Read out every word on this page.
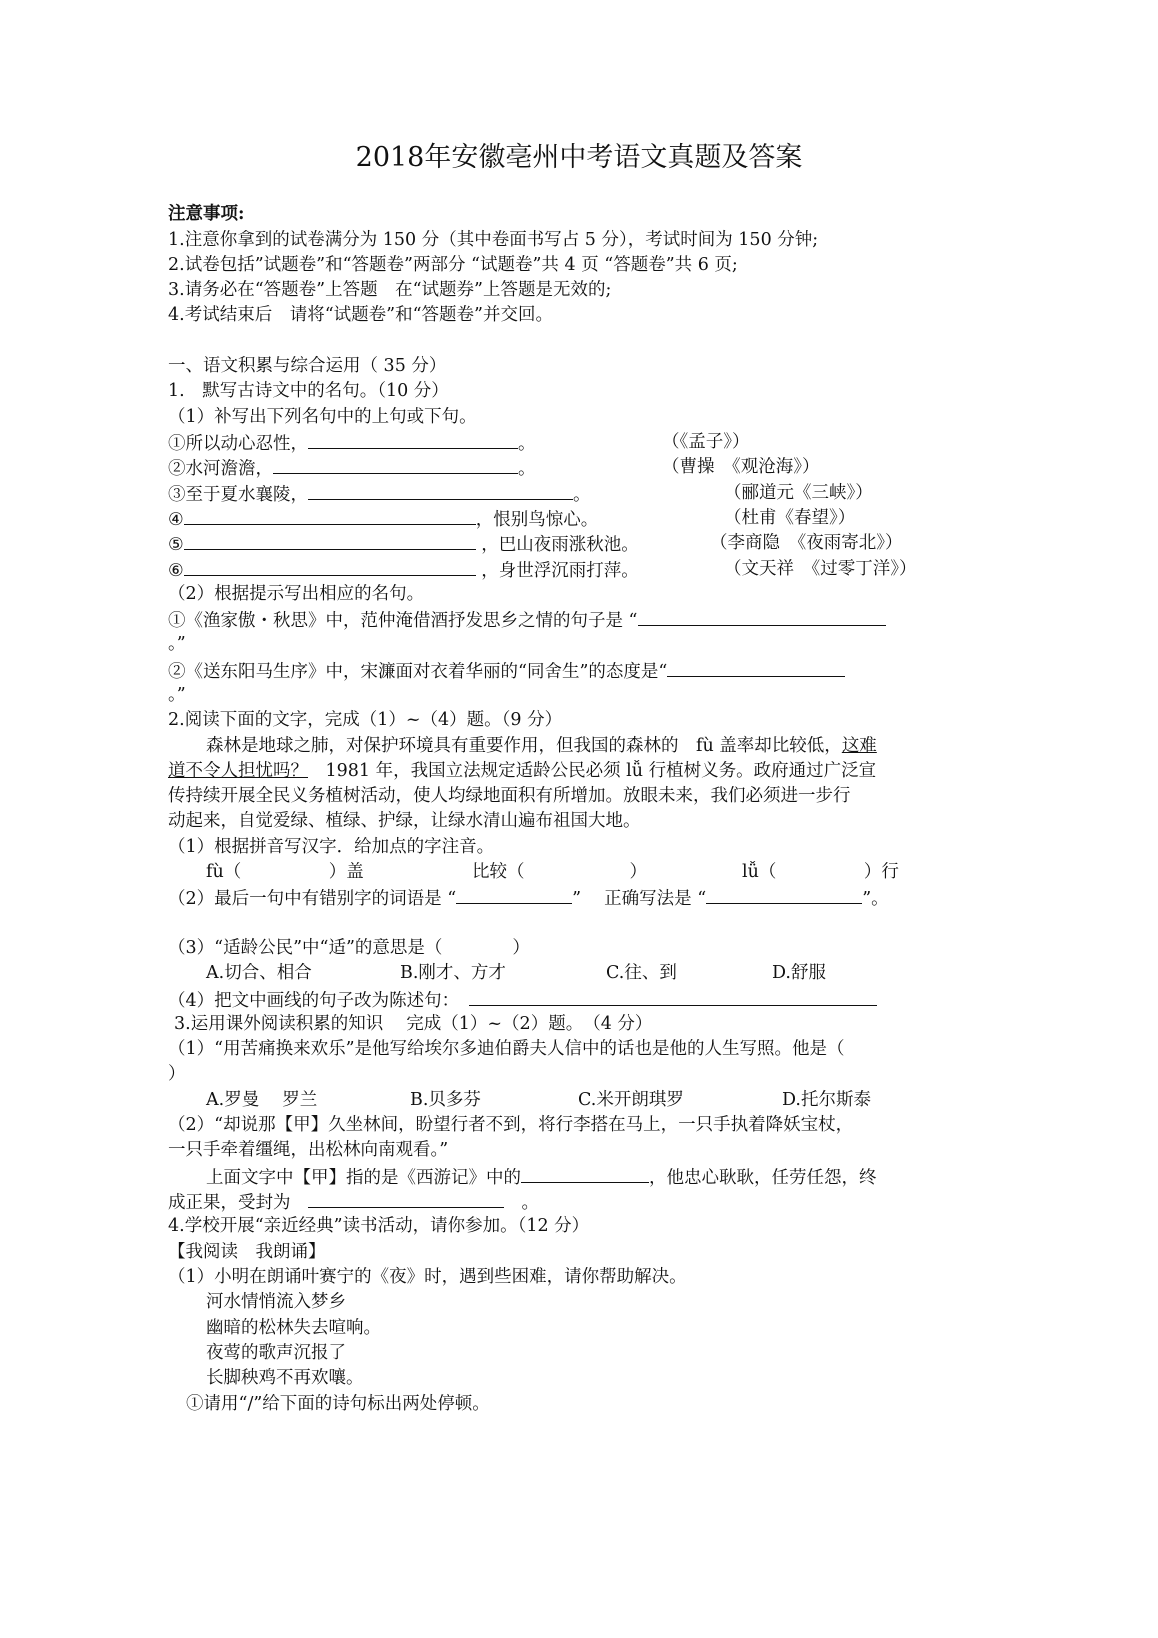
2018年安徽亳州中考语文真题及答案
注意事项:
1.注意你拿到的试卷满分为 150 分（其中卷面书写占 5 分），考试时间为 150 分钟;
2.试卷包括”试题卷”和“答题卷”两部分 “试题卷”共 4 页 “答题卷”共 6 页;
3.请务必在“答题卷”上答题　在“试题券”上答题是无效的;
4.考试结束后　请将“试题卷”和“答题卷”并交回。
一、语文积累与综合运用（ 35 分）
1.　默写古诗文中的名句。（10 分）
（1）补写出下列名句中的上句或下句。
①所以动心忍性，	。	（《孟子》）
②水河澹澹，	。	（曹操　《观沧海》）
③至于夏水襄陵，	。	（郦道元《三峡》）
④	，恨别鸟惊心。	（杜甫《春望》）
⑤	，巴山夜雨涨秋池。	（李商隐　《夜雨寄北》）
⑥	，身世浮沉雨打萍。	（文天祥　《过零丁洋》）
（2）根据提示写出相应的名句。
①《渔家傲・秋思》中，范仲淹借酒抒发思乡之情的句子是 “
。”
②《送东阳马生序》中，宋濂面对衣着华丽的“同舍生”的态度是“
。”
2.阅读下面的文字，完成（1）~（4）题。（9 分）
森林是地球之肺，对保护环境具有重要作用，但我国的森林的　fù 盖率却比较低，这难
道不令人担忧吗？　1981 年，我国立法规定适龄公民必须 lǚ 行植树义务。政府通过广泛宣
传持续开展全民义务植树活动，使人均绿地面积有所增加。放眼未来，我们必须进一步行
动起来，自觉爱绿、植绿、护绿，让绿水清山遍布祖国大地。
（1）根据拼音写汉字．给加点的字注音。
fù（　　　　　）盖	比较（　　　　　　）	lǚ（　　　　　）行
（2）最后一句中有错别字的词语是 “	” 　正确写法是 “	”。
（3）“适龄公民”中“适”的意思是（　　　　）
A.切合、相合	B.刚才、方才	C.往、到	D.舒服
（4）把文中画线的句子改为陈述句：
3.运用课外阅读积累的知识　 完成（1）~（2）题。　（4 分）
（1）“用苦痛换来欢乐”是他写给埃尔多迪伯爵夫人信中的话也是他的人生写照。他是（
）
A.罗曼　 罗兰	B.贝多芬	C.米开朗琪罗	D.托尔斯泰
（2）“却说那【甲】久坐林间，盼望行者不到，将行李搭在马上，一只手执着降妖宝杖，
一只手牵着缰绳，出松林向南观看。”
上面文字中【甲】指的是《西游记》中的	，他忠心耿耿，任劳任怨，终
成正果，受封为　	　。
4.学校开展“亲近经典”读书活动，请你参加。（12 分）
【我阅读　我朗诵】
（1）小明在朗诵叶赛宁的《夜》时，遇到些困难，请你帮助解决。
河水情悄流入梦乡
幽暗的松林失去喧响。
夜莺的歌声沉报了
长脚秧鸡不再欢嚷。
①请用“/”给下面的诗句标出两处停顿。
